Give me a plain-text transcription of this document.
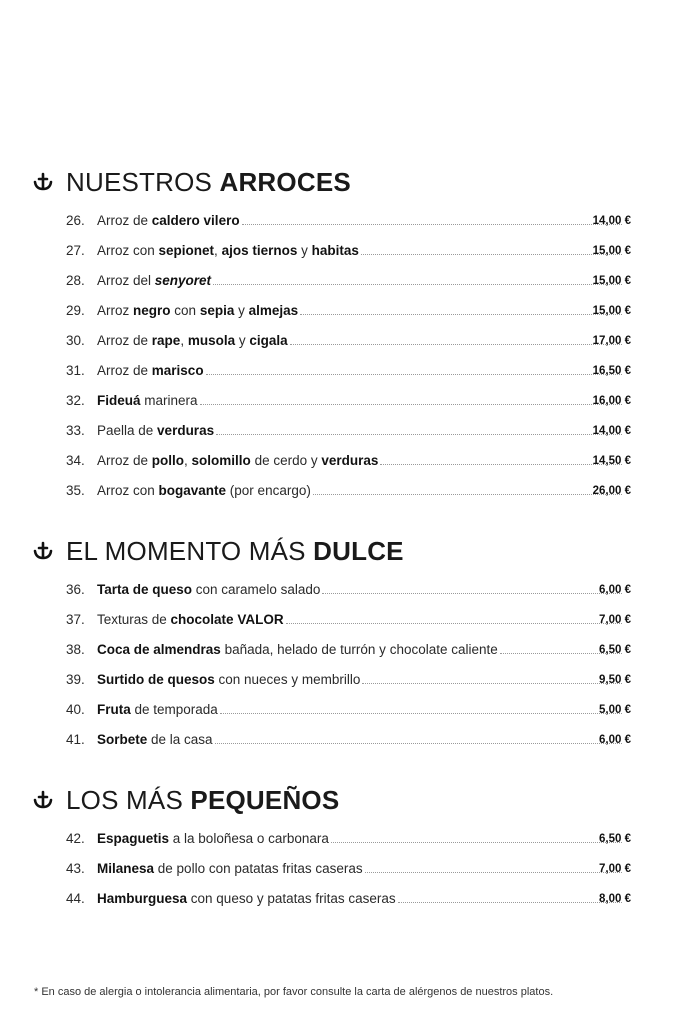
NUESTROS ARROCES
26. Arroz de caldero vilero	14,00 €
27. Arroz con sepionet, ajos tiernos y habitas	15,00 €
28. Arroz del senyoret	15,00 €
29. Arroz negro con sepia y almejas	15,00 €
30. Arroz de rape, musola y cigala	17,00 €
31. Arroz de marisco	16,50 €
32. Fideuá marinera	16,00 €
33. Paella de verduras	14,00 €
34. Arroz de pollo, solomillo de cerdo y verduras	14,50 €
35. Arroz con bogavante (por encargo)	26,00 €
EL MOMENTO MÁS DULCE
36. Tarta de queso con caramelo salado	6,00 €
37. Texturas de chocolate VALOR	7,00 €
38. Coca de almendras bañada, helado de turrón y chocolate caliente	6,50 €
39. Surtido de quesos con nueces y membrillo	9,50 €
40. Fruta de temporada	5,00 €
41. Sorbete de la casa	6,00 €
LOS MÁS PEQUEÑOS
42. Espaguetis a la boloñesa o carbonara	6,50 €
43. Milanesa de pollo con patatas fritas caseras	7,00 €
44. Hamburguesa con queso y patatas fritas caseras	8,00 €
* En caso de alergia o intolerancia alimentaria, por favor consulte la carta de alérgenos de nuestros platos.
